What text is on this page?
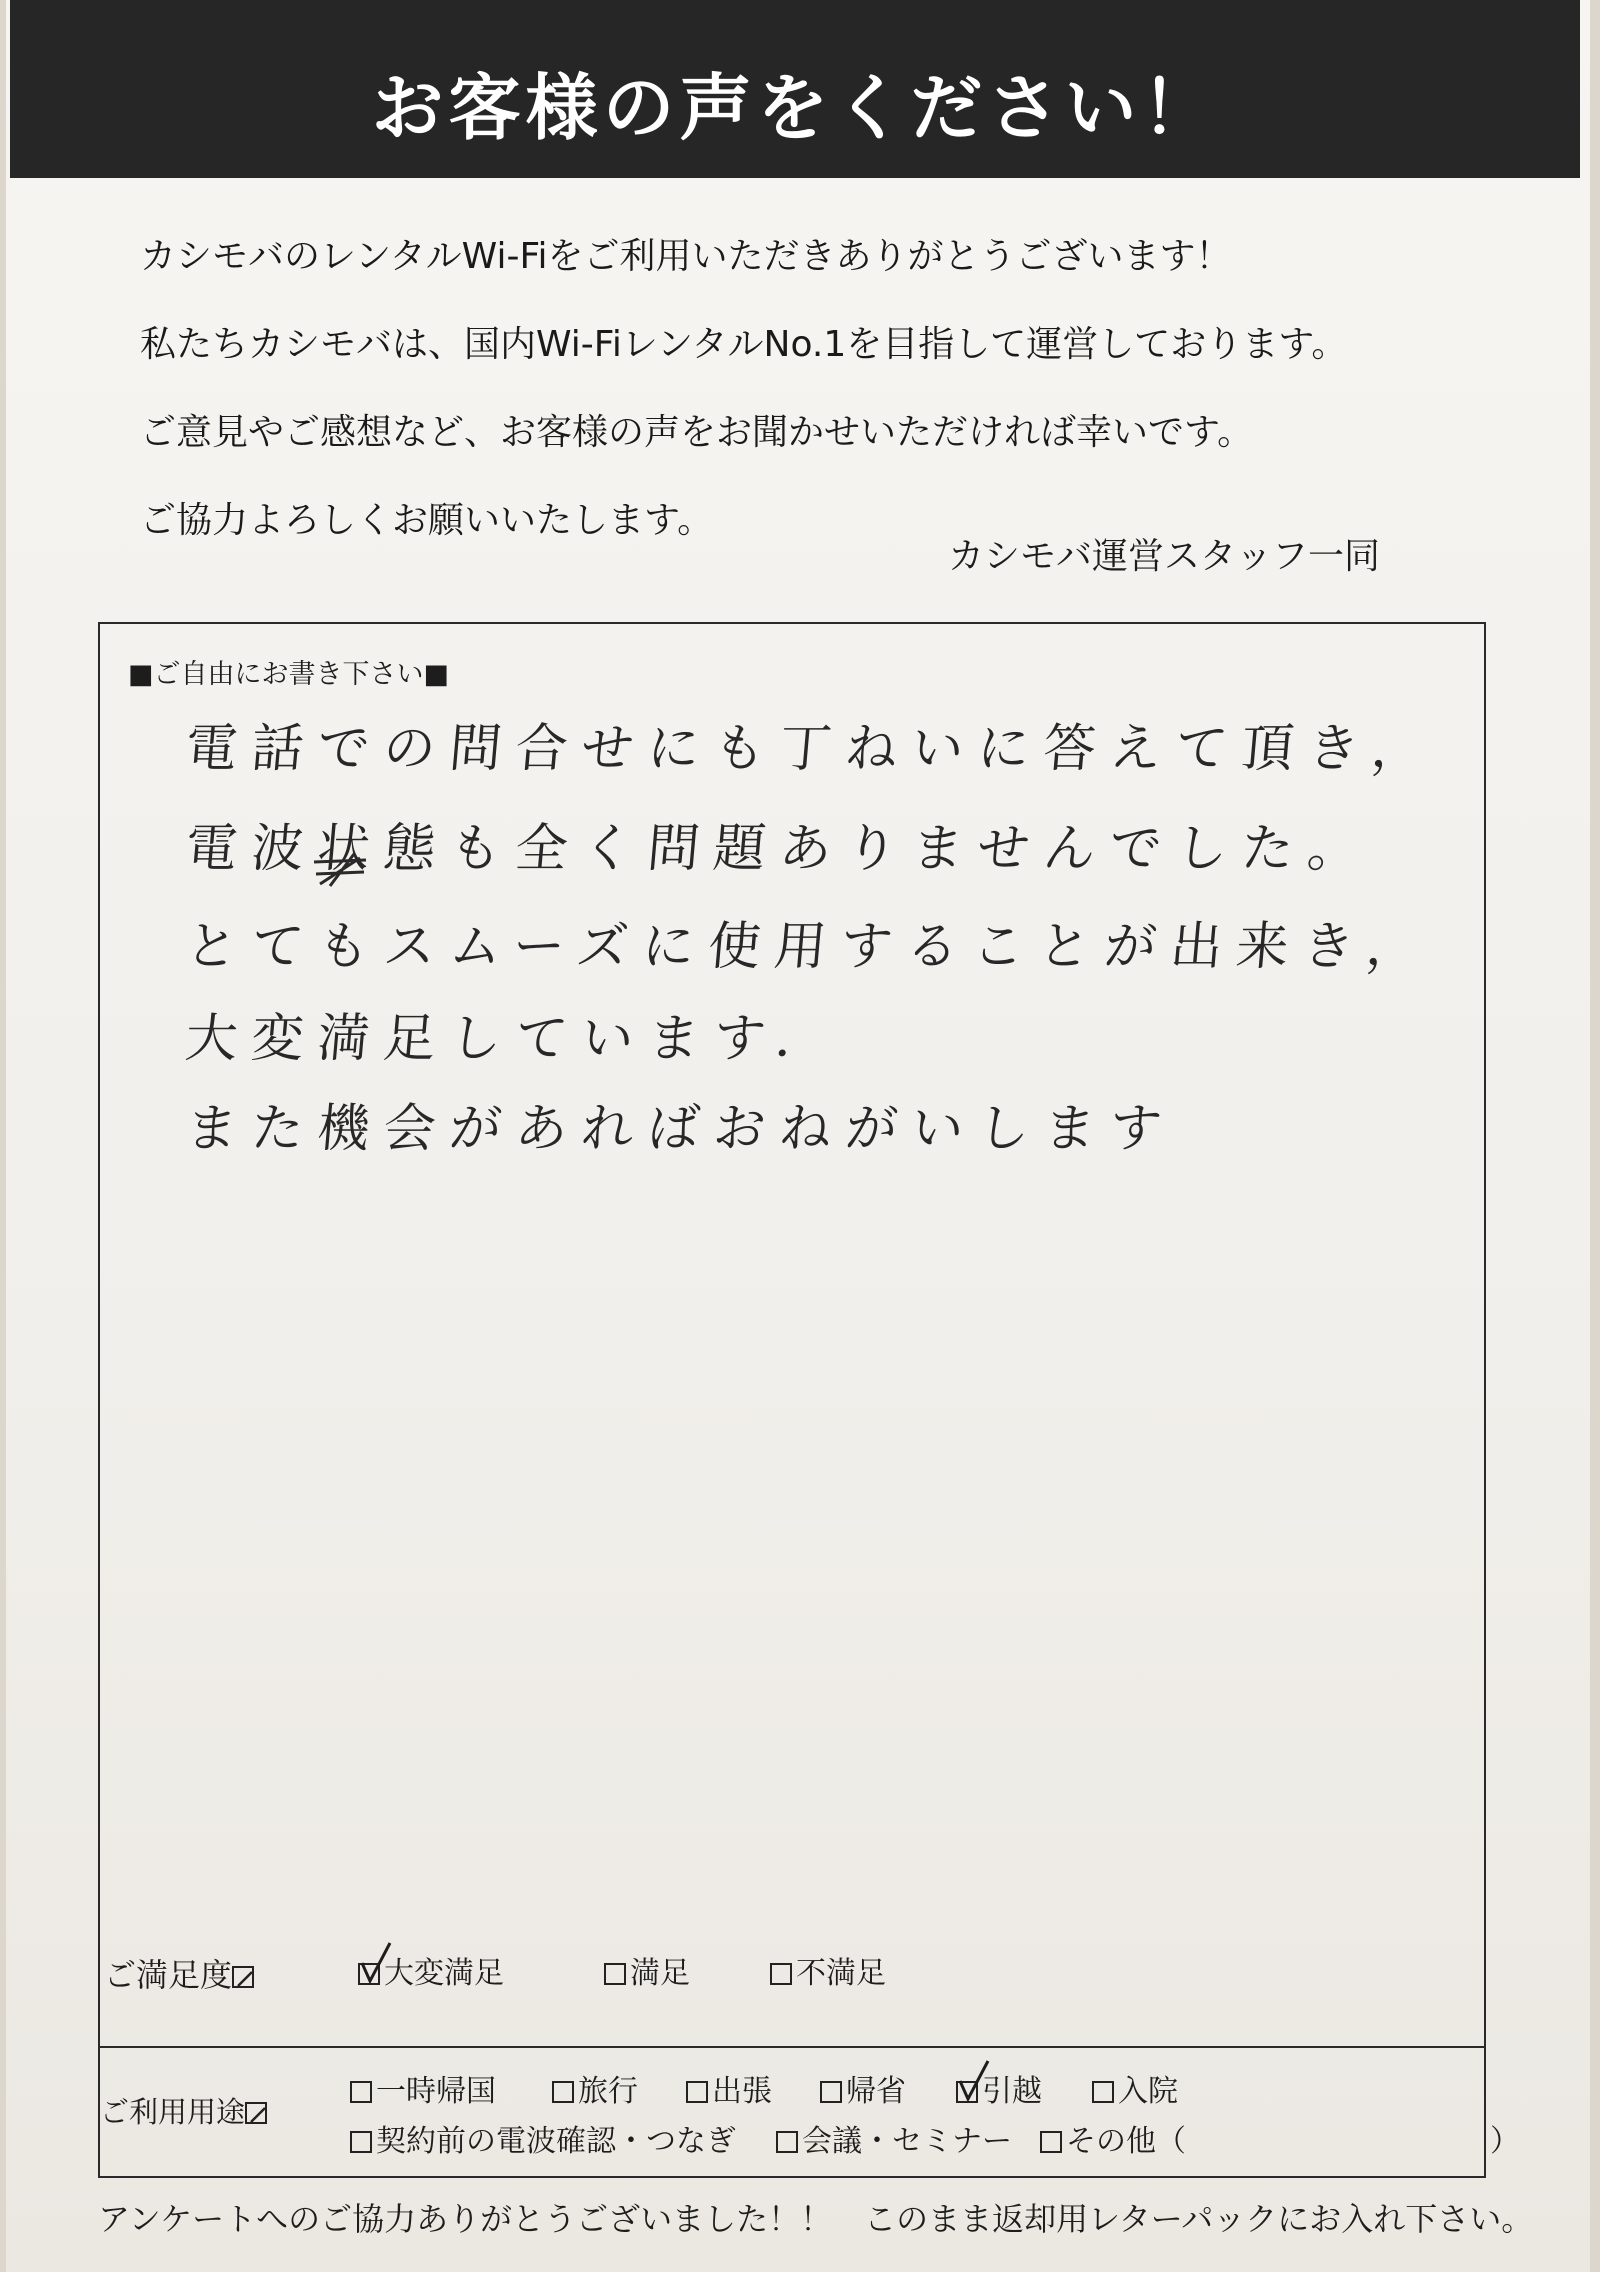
お客様の声をください！
カシモバのレンタルWi-Fiをご利用いただきありがとうございます！
私たちカシモバは、国内Wi-FiレンタルNo.1を目指して運営しております。
ご意見やご感想など、お客様の声をお聞かせいただければ幸いです。
ご協力よろしくお願いいたします。
カシモバ運営スタッフ一同
■ご自由にお書き下さい■
電話での問合せにも丁ねいに答えて頂き，
電波状態も全く問題ありませんでした。
とてもスムーズに使用することが出来き，
大変満足しています．
また機会があればおねがいします
ご満足度	大変満足	満足	不満足
ご利用用途
一時帰国	旅行	出張	帰省	引越	入院
契約前の電波確認・つなぎ	会議・セミナー	その他（	）
アンケートへのご協力ありがとうございました！！　このまま返却用レターパックにお入れ下さい。
